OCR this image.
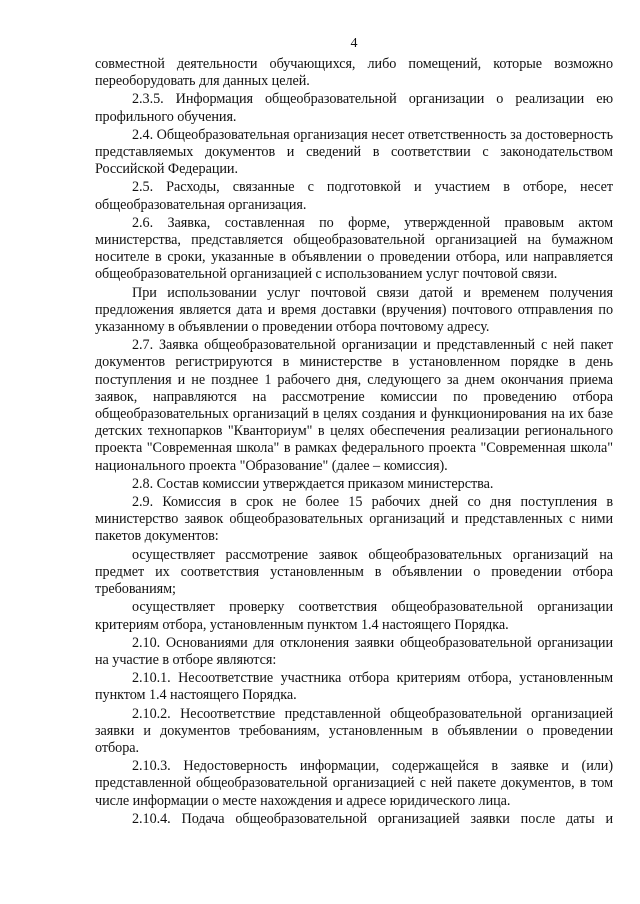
4

совместной деятельности обучающихся, либо помещений, которые возможно переоборудовать для данных целей.

2.3.5. Информация общеобразовательной организации о реализации ею профильного обучения.

2.4. Общеобразовательная организация несет ответственность за достоверность представляемых документов и сведений в соответствии с законодательством Российской Федерации.

2.5. Расходы, связанные с подготовкой и участием в отборе, несет общеобразовательная организация.

2.6. Заявка, составленная по форме, утвержденной правовым актом министерства, представляется общеобразовательной организацией на бумажном носителе в сроки, указанные в объявлении о проведении отбора, или направляется общеобразовательной организацией с использованием услуг почтовой связи.

При использовании услуг почтовой связи датой и временем получения предложения является дата и время доставки (вручения) почтового отправления по указанному в объявлении о проведении отбора почтовому адресу.

2.7. Заявка общеобразовательной организации и представленный с ней пакет документов регистрируются в министерстве в установленном порядке в день поступления и не позднее 1 рабочего дня, следующего за днем окончания приема заявок, направляются на рассмотрение комиссии по проведению отбора общеобразовательных организаций в целях создания и функционирования на их базе детских технопарков "Кванториум" в целях обеспечения реализации регионального проекта "Современная школа" в рамках федерального проекта "Современная школа" национального проекта "Образование" (далее – комиссия).

2.8. Состав комиссии утверждается приказом министерства.

2.9. Комиссия в срок не более 15 рабочих дней со дня поступления в министерство заявок общеобразовательных организаций и представленных с ними пакетов документов:

осуществляет рассмотрение заявок общеобразовательных организаций на предмет их соответствия установленным в объявлении о проведении отбора требованиям;

осуществляет проверку соответствия общеобразовательной организации критериям отбора, установленным пунктом 1.4 настоящего Порядка.

2.10. Основаниями для отклонения заявки общеобразовательной организации на участие в отборе являются:

2.10.1. Несоответствие участника отбора критериям отбора, установленным пунктом 1.4 настоящего Порядка.

2.10.2. Несоответствие представленной общеобразовательной организацией заявки и документов требованиям, установленным в объявлении о проведении отбора.

2.10.3. Недостоверность информации, содержащейся в заявке и (или) представленной общеобразовательной организацией с ней пакете документов, в том числе информации о месте нахождения и адресе юридического лица.

2.10.4. Подача общеобразовательной организацией заявки после даты и
